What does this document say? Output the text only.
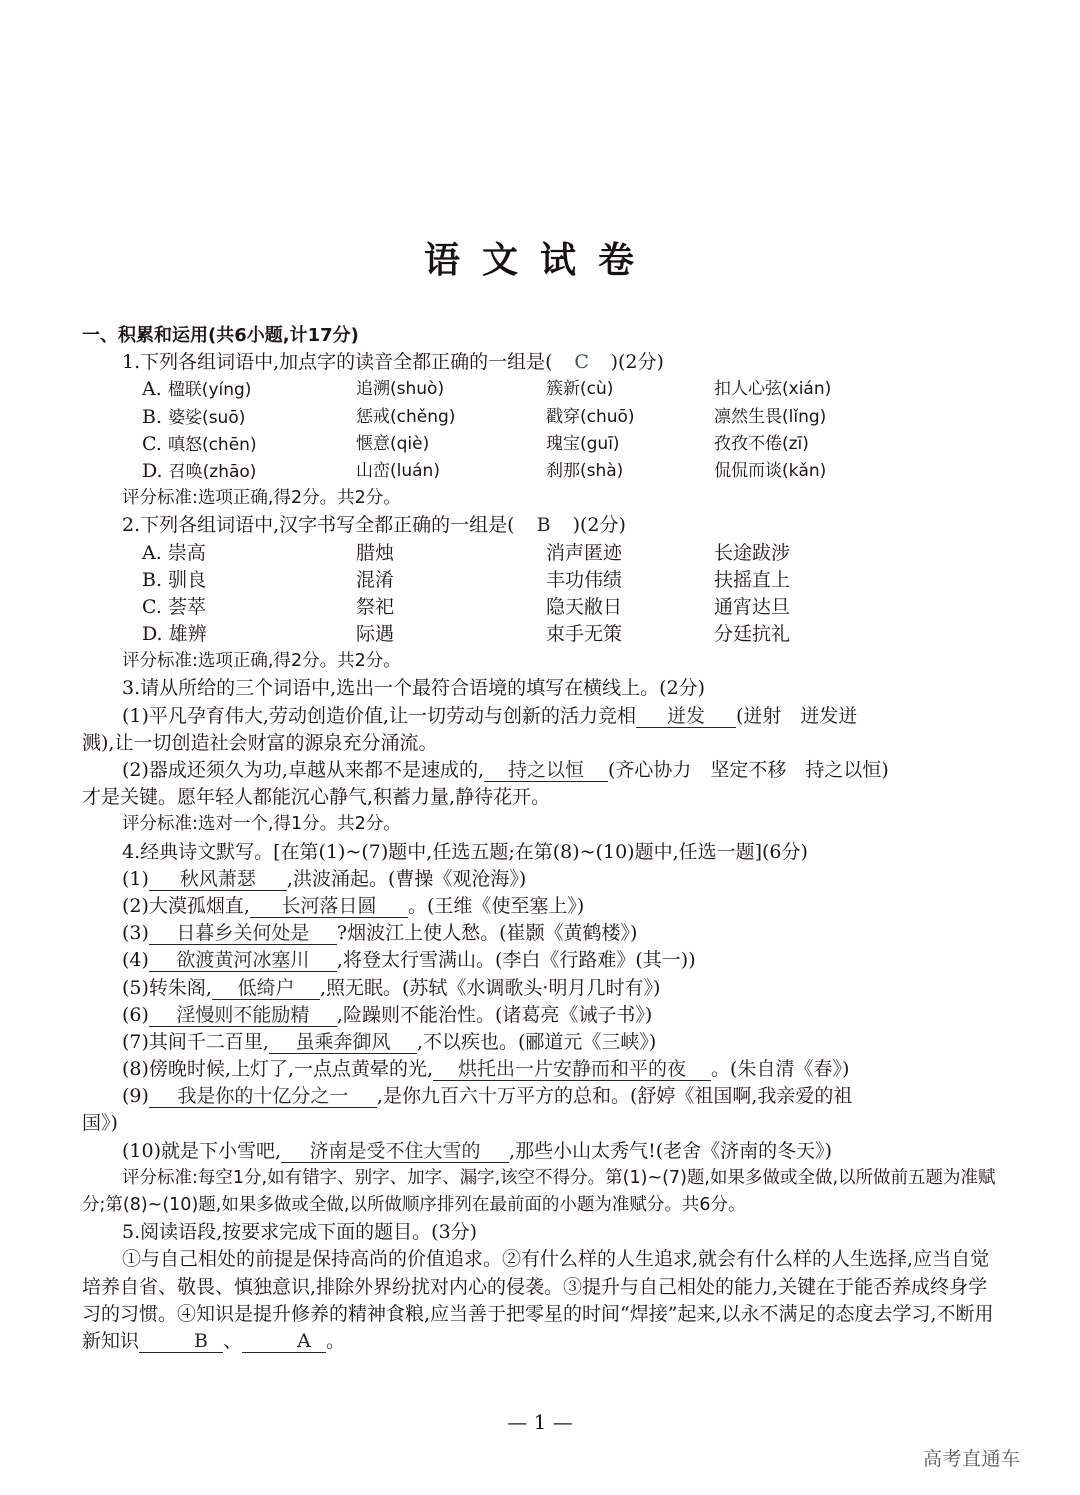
语文试卷
一、积累和运用(共6小题,计17分)
1.下列各组词语中,加点字的读音全都正确的一组是( C )(2分)
A. 楹联(yíng)	追溯(shuò)	簇新(cù)	扣人心弦(xián)
B. 婆娑(suō)	惩戒(chěng)	戳穿(chuō)	凛然生畏(lǐng)
C. 嗔怒(chēn)	惬意(qiè)	瑰宝(guī)	孜孜不倦(zī)
D. 召唤(zhāo)	山峦(luán)	刹那(shà)	侃侃而谈(kǎn)
评分标准:选项正确,得2分。共2分。
2.下列各组词语中,汉字书写全都正确的一组是( B )(2分)
A. 崇高	腊烛	消声匿迹	长途跋涉
B. 驯良	混淆	丰功伟绩	扶摇直上
C. 荟萃	祭祀	隐天敝日	通宵达旦
D. 雄辨	际遇	束手无策	分廷抗礼
评分标准:选项正确,得2分。共2分。
3.请从所给的三个词语中,选出一个最符合语境的填写在横线上。(2分)
(1)平凡孕育伟大,劳动创造价值,让一切劳动与创新的活力竞相 迸发 (迸射　迸发迸
溅),让一切创造社会财富的源泉充分涌流。
(2)器成还须久为功,卓越从来都不是速成的, 持之以恒 (齐心协力　坚定不移　持之以恒)
才是关键。愿年轻人都能沉心静气,积蓄力量,静待花开。
评分标准:选对一个,得1分。共2分。
4.经典诗文默写。[在第(1)~(7)题中,任选五题;在第(8)~(10)题中,任选一题](6分)
(1) 秋风萧瑟 ,洪波涌起。(曹操《观沧海》)
(2)大漠孤烟直, 长河落日圆 。(王维《使至塞上》)
(3) 日暮乡关何处是 ?烟波江上使人愁。(崔颢《黄鹤楼》)
(4) 欲渡黄河冰塞川 ,将登太行雪满山。(李白《行路难》(其一))
(5)转朱阁, 低绮户 ,照无眠。(苏轼《水调歌头·明月几时有》)
(6) 淫慢则不能励精 ,险躁则不能治性。(诸葛亮《诫子书》)
(7)其间千二百里, 虽乘奔御风 ,不以疾也。(郦道元《三峡》)
(8)傍晚时候,上灯了,一点点黄晕的光, 烘托出一片安静而和平的夜 。(朱自清《春》)
(9) 我是你的十亿分之一 ,是你九百六十万平方的总和。(舒婷《祖国啊,我亲爱的祖
国》)
(10)就是下小雪吧, 济南是受不住大雪的 ,那些小山太秀气!(老舍《济南的冬天》)
评分标准:每空1分,如有错字、别字、加字、漏字,该空不得分。第(1)~(7)题,如果多做或全做,以所做前五题为准赋分;第(8)~(10)题,如果多做或全做,以所做顺序排列在最前面的小题为准赋分。共6分。
5.阅读语段,按要求完成下面的题目。(3分)
①与自己相处的前提是保持高尚的价值追求。②有什么样的人生追求,就会有什么样的人生选择,应当自觉培养自省、敬畏、慎独意识,排除外界纷扰对内心的侵袭。③提升与自己相处的能力,关键在于能否养成终身学习的习惯。④知识是提升修养的精神食粮,应当善于把零星的时间“焊接”起来,以永不满足的态度去学习,不断用新知识	B 、	A 。
— 1 —
高考直通车
